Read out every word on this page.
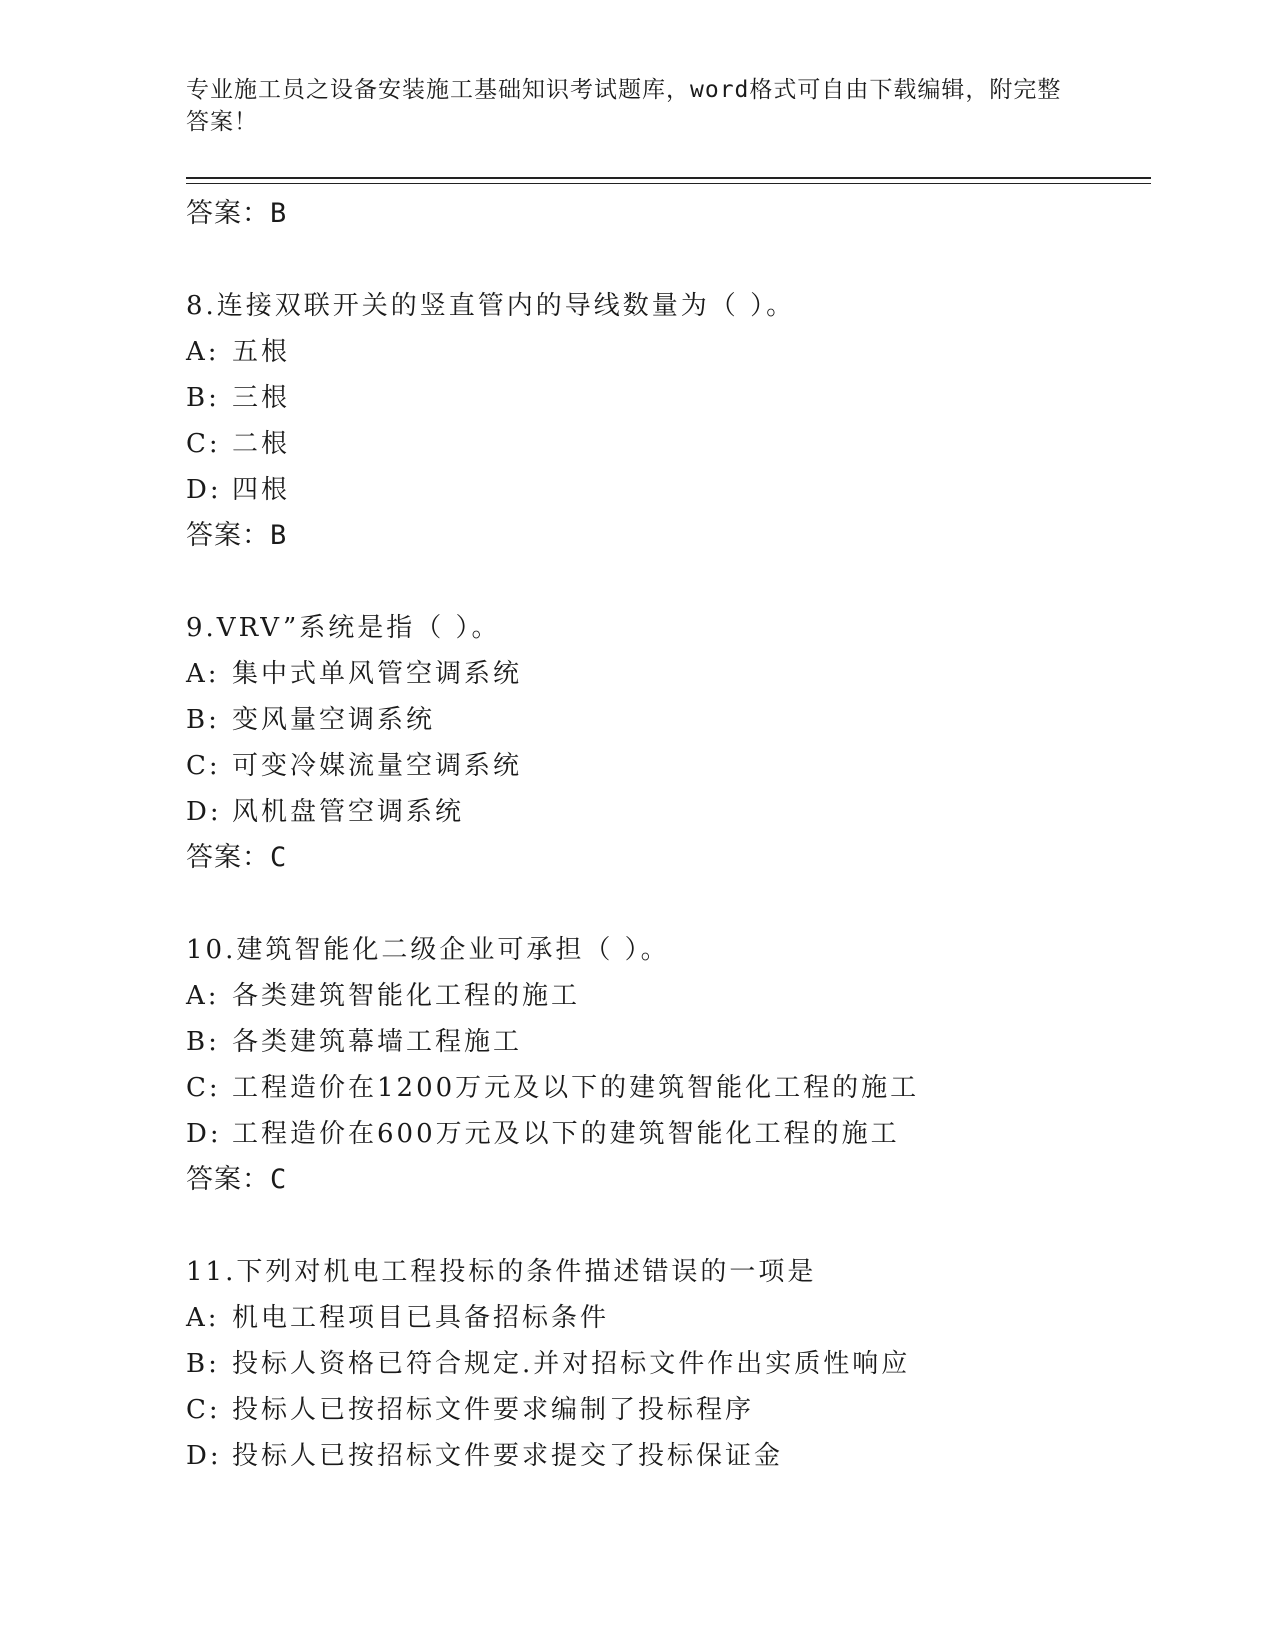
专业施工员之设备安装施工基础知识考试题库，word格式可自由下载编辑，附完整答案！
答案：B
8.连接双联开关的竖直管内的导线数量为（ ）。
A: 五根
B: 三根
C: 二根
D: 四根
答案：B
9.VRV”系统是指（ ）。
A: 集中式单风管空调系统
B: 变风量空调系统
C: 可变冷媒流量空调系统
D: 风机盘管空调系统
答案：C
10.建筑智能化二级企业可承担（ ）。
A: 各类建筑智能化工程的施工
B: 各类建筑幕墙工程施工
C: 工程造价在1200万元及以下的建筑智能化工程的施工
D: 工程造价在600万元及以下的建筑智能化工程的施工
答案：C
11.下列对机电工程投标的条件描述错误的一项是
A: 机电工程项目已具备招标条件
B: 投标人资格已符合规定.并对招标文件作出实质性响应
C: 投标人已按招标文件要求编制了投标程序
D: 投标人已按招标文件要求提交了投标保证金
